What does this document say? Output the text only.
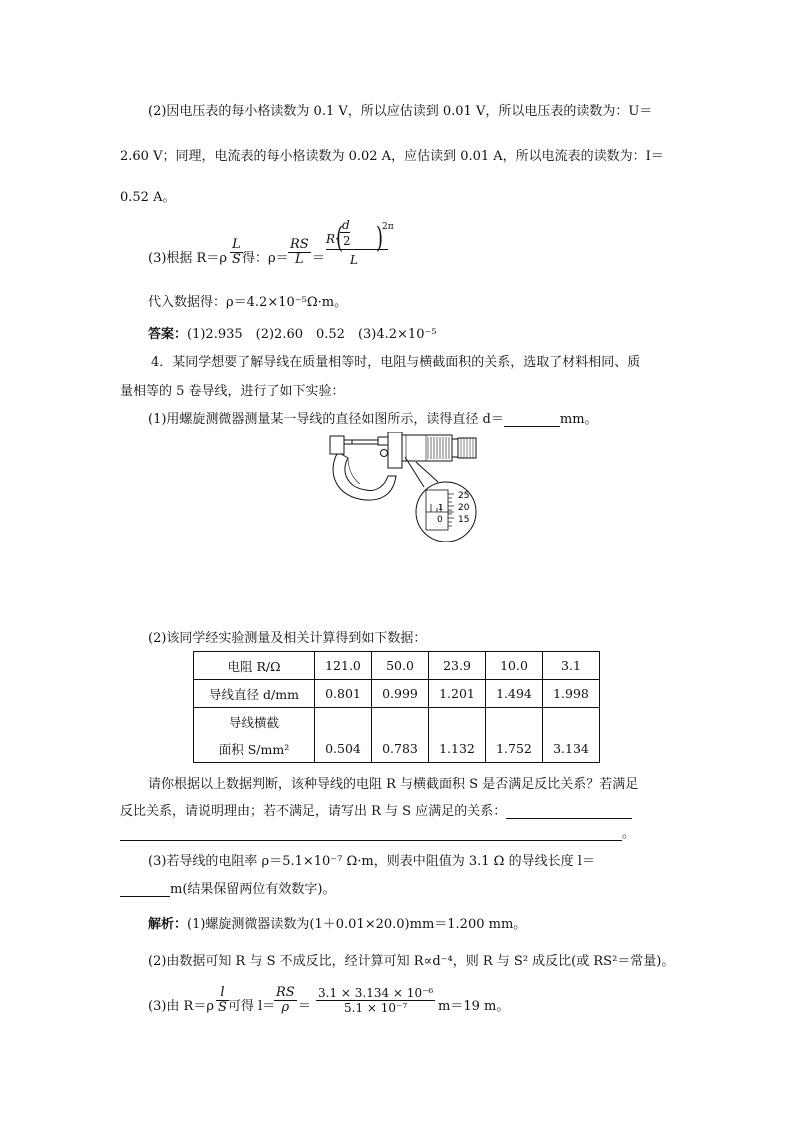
(2)因电压表的每小格读数为 0.1 V，所以应估读到 0.01 V，所以电压表的读数为：U＝
2.60 V；同理，电流表的每小格读数为 0.02 A，应估读到 0.01 A，所以电流表的读数为：I＝
0.52 A。
(3)根据 $R=\rho \frac{L}{S}$ 得：$\rho= \frac{RS}{L}$ ＝
R·
d
2
( )
2π
L
代入数据得：ρ＝4.2×10⁻⁵Ω·m。
答案：(1)2.935　(2)2.60　0.52　(3)4.2×10⁻⁵
4．某同学想要了解导线在质量相等时，电阻与横截面积的关系，选取了材料相同、质
量相等的 5 卷导线，进行了如下实验：
(1)用螺旋测微器测量某一导线的直径如图所示，读得直径 d＝	mm。
25
20
15
1
0
(2)该同学经实验测量及相关计算得到如下数据：
电阻 R/Ω	121.0	50.0	23.9	10.0	3.1
导线直径 d/mm	0.801	0.999	1.201	1.494	1.998
导线横截					
面积 S/mm²	0.504	0.783	1.132	1.752	3.134
请你根据以上数据判断，该种导线的电阻 R 与横截面积 S 是否满足反比关系？若满足
反比关系，请说明理由；若不满足，请写出 R 与 S 应满足的关系：
。
(3)若导线的电阻率 ρ＝5.1×10⁻⁷ Ω·m，则表中阻值为 3.1 Ω 的导线长度 l＝
m(结果保留两位有效数字)。
解析：(1)螺旋测微器读数为(1＋0.01×20.0)mm＝1.200 mm。
(2)由数据可知 R 与 S 不成反比，经计算可知 R∝d⁻⁴，则 R 与 S² 成反比(或 RS²＝常量)。
(3)由 $R=\rho \frac{l}{S}$ 可得 l＝
$\frac{RS}{\rho} = \frac{\text{3.1 × 3.134 × 10⁻⁶}}{\text{5.1 × 10⁻⁷}} m=19$ m。
